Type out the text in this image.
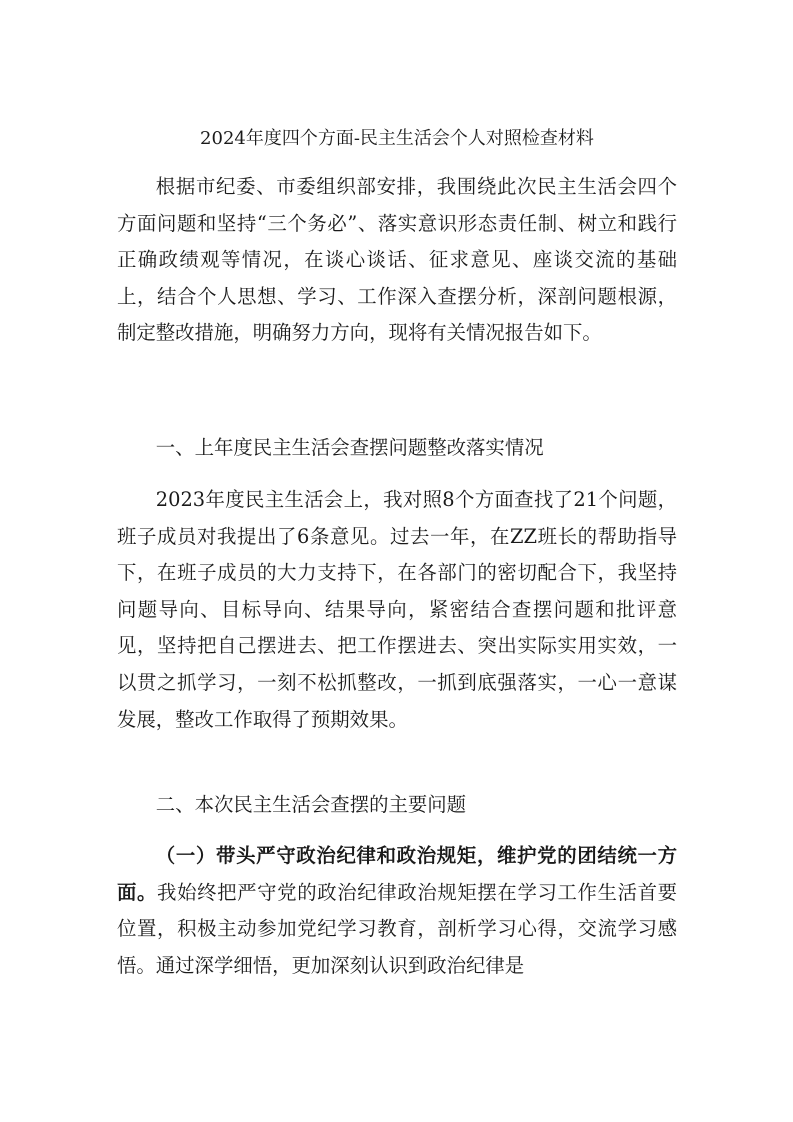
2024年度四个方面-民主生活会个人对照检查材料

根据市纪委、市委组织部安排，我围绕此次民主生活会四个方面问题和坚持“三个务必”、落实意识形态责任制、树立和践行正确政绩观等情况，在谈心谈话、征求意见、座谈交流的基础上，结合个人思想、学习、工作深入查摆分析，深剖问题根源，制定整改措施，明确努力方向，现将有关情况报告如下。

一、上年度民主生活会查摆问题整改落实情况

2023年度民主生活会上，我对照8个方面查找了21个问题，班子成员对我提出了6条意见。过去一年，在ZZ班长的帮助指导下，在班子成员的大力支持下，在各部门的密切配合下，我坚持问题导向、目标导向、结果导向，紧密结合查摆问题和批评意见，坚持把自己摆进去、把工作摆进去、突出实际实用实效，一以贯之抓学习，一刻不松抓整改，一抓到底强落实，一心一意谋发展，整改工作取得了预期效果。

二、本次民主生活会查摆的主要问题

（一）带头严守政治纪律和政治规矩，维护党的团结统一方面。我始终把严守党的政治纪律政治规矩摆在学习工作生活首要位置，积极主动参加党纪学习教育，剖析学习心得，交流学习感悟。通过深学细悟，更加深刻认识到政治纪律是
